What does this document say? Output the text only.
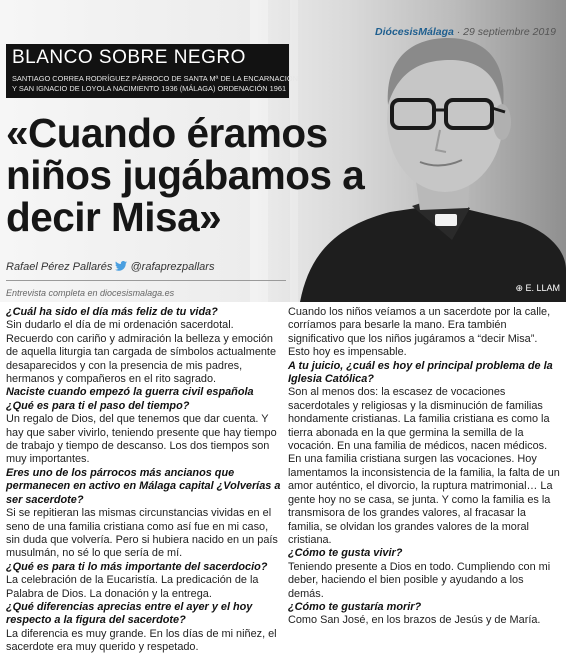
DiócesisMálaga · 29 septiembre 2019
BLANCO SOBRE NEGRO
SANTIAGO CORREA RODRÍGUEZ PÁRROCO DE SANTA Mª DE LA ENCARNACIÓN
Y SAN IGNACIO DE LOYOLA NACIMIENTO 1936 (MÁLAGA) ORDENACIÓN 1961
«Cuando éramos
niños jugábamos a
decir Misa»
Rafael Pérez Pallarés @rafaprezpallars
Entrevista completa en diocesismalaga.es	⊕ E. LLAM

¿Cuál ha sido el día más feliz de tu vida?

Sin dudarlo el día de mi ordenación sacerdotal. Recuerdo con cariño y admiración la belleza y emoción de aquella liturgia tan cargada de símbolos actualmente desaparecidos y con la presencia de mis padres, hermanos y compañeros en el rito sagrado.

Naciste cuando empezó la guerra civil española ¿Qué es para ti el paso del tiempo?

Un regalo de Dios, del que tenemos que dar cuenta. Y hay que saber vivirlo, teniendo presente que hay tiempo de trabajo y tiempo de descanso. Los dos tiempos son muy importantes.

Eres uno de los párrocos más ancianos que permanecen en activo en Málaga capital ¿Volverías a ser sacerdote?

Si se repitieran las mismas circunstancias vividas en el seno de una familia cristiana como así fue en mi caso, sin duda que volvería. Pero si hubiera nacido en un país musulmán, no sé lo que sería de mí.

¿Qué es para ti lo más importante del sacerdocio?

La celebración de la Eucaristía. La predicación de la Palabra de Dios. La donación y la entrega.

¿Qué diferencias aprecias entre el ayer y el hoy respecto a la figura del sacerdote?

La diferencia es muy grande. En los días de mi niñez, el sacerdote era muy querido y respetado.

Cuando los niños veíamos a un sacerdote por la calle, corríamos para besarle la mano. Era también significativo que los niños jugáramos a “decir Misa”. Esto hoy es impensable.

A tu juicio, ¿cuál es hoy el principal problema de la Iglesia Católica?

Son al menos dos: la escasez de vocaciones sacerdotales y religiosas y la disminución de familias hondamente cristianas. La familia cristiana es como la tierra abonada en la que germina la semilla de la vocación. En una familia de médicos, nacen médicos. En una familia cristiana surgen las vocaciones. Hoy lamentamos la inconsistencia de la familia, la falta de un amor auténtico, el divorcio, la ruptura matrimonial… La gente hoy no se casa, se junta. Y como la familia es la transmisora de los grandes valores, al fracasar la familia, se olvidan los grandes valores de la moral cristiana.

¿Cómo te gusta vivir?

Teniendo presente a Dios en todo. Cumpliendo con mi deber, haciendo el bien posible y ayudando a los demás.

¿Cómo te gustaría morir?

Como San José, en los brazos de Jesús y de María.
